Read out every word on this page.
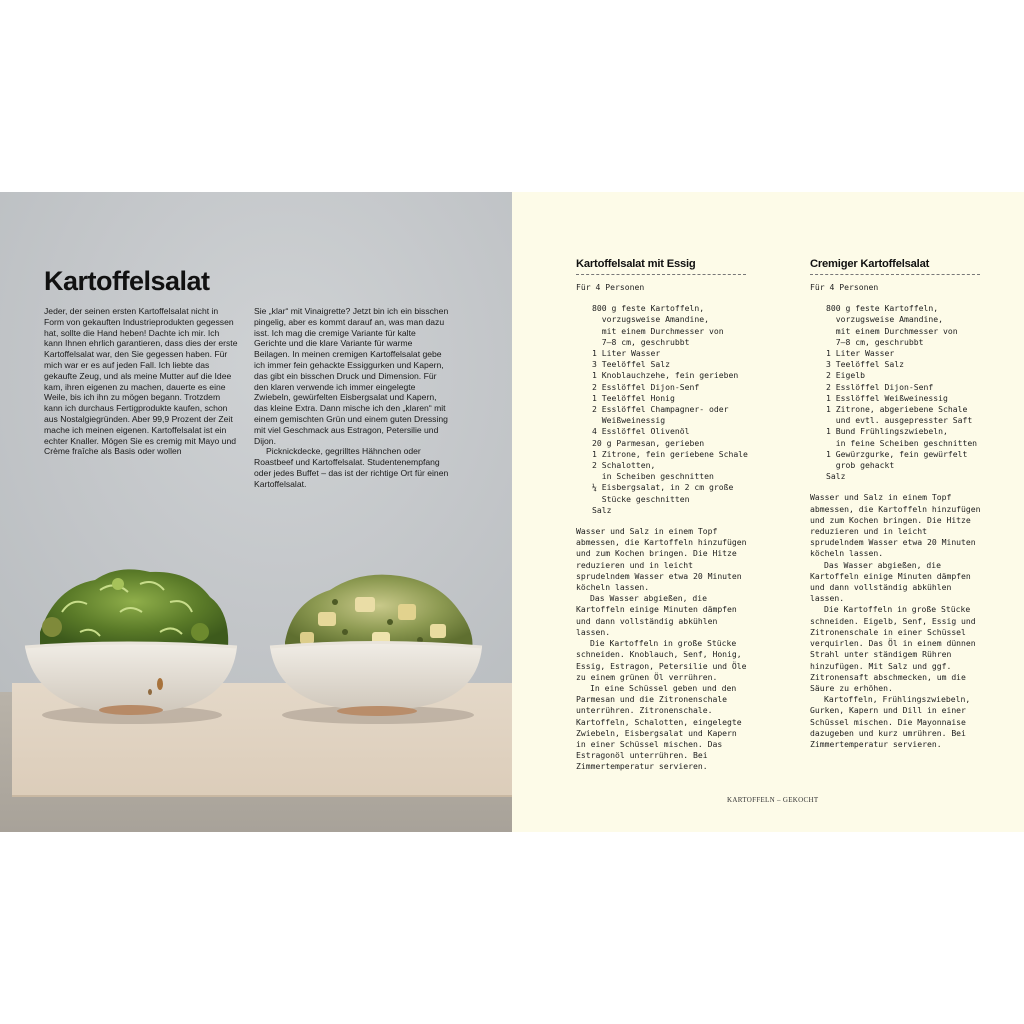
Kartoffelsalat

Jeder, der seinen ersten Kartoffelsalat nicht in Form von gekauften Industrieprodukten gegessen hat, sollte die Hand heben! Dachte ich mir. Ich kann Ihnen ehrlich garantieren, dass dies der erste Kartoffelsalat war, den Sie gegessen haben. Für mich war er es auf jeden Fall. Ich liebte das gekaufte Zeug, und als meine Mutter auf die Idee kam, ihren eigenen zu machen, dauerte es eine Weile, bis ich ihn zu mögen begann. Trotzdem kann ich durchaus Fertigprodukte kaufen, schon aus Nostalgiegründen. Aber 99,9 Prozent der Zeit mache ich meinen eigenen. Kartoffelsalat ist ein echter Knaller. Mögen Sie es cremig mit Mayo und Crème fraîche als Basis oder wollen

Sie „klar“ mit Vinaigrette? Jetzt bin ich ein bisschen pingelig, aber es kommt darauf an, was man dazu isst. Ich mag die cremige Variante für kalte Gerichte und die klare Variante für warme Beilagen. In meinen cremigen Kartoffelsalat gebe ich immer fein gehackte Essiggurken und Kapern, das gibt ein bisschen Druck und Dimension. Für den klaren verwende ich immer eingelegte Zwiebeln, gewürfelten Eisbergsalat und Kapern, das kleine Extra. Dann mische ich den „klaren“ mit einem gemischten Grün und einem guten Dressing mit viel Geschmack aus Estragon, Petersilie und Dijon.

Picknickdecke, gegrilltes Hähnchen oder Roastbeef und Kartoffelsalat. Studentenempfang oder jedes Buffet – das ist der richtige Ort für einen Kartoffelsalat.

Kartoffelsalat mit Essig
Für 4 Personen
800 g feste Kartoffeln,
vorzugsweise Amandine,
mit einem Durchmesser von
7–8 cm, geschrubbt
1 Liter Wasser
3 Teelöffel Salz
1 Knoblauchzehe, fein gerieben
2 Esslöffel Dijon-Senf
1 Teelöffel Honig
2 Esslöffel Champagner- oder
Weißweinessig
4 Esslöffel Olivenöl
20 g Parmesan, gerieben
1 Zitrone, fein geriebene Schale
2 Schalotten,
in Scheiben geschnitten
¼ Eisbergsalat, in 2 cm große
Stücke geschnitten
Salz

Wasser und Salz in einem Topf abmessen, die Kartoffeln hinzufügen und zum Kochen bringen. Die Hitze reduzieren und in leicht sprudelndem Wasser etwa 20 Minuten köcheln lassen.

Das Wasser abgießen, die Kartoffeln einige Minuten dämpfen und dann vollständig abkühlen lassen.

Die Kartoffeln in große Stücke schneiden. Knoblauch, Senf, Honig, Essig, Estragon, Petersilie und Öle zu einem grünen Öl verrühren.

In eine Schüssel geben und den Parmesan und die Zitronenschale unterrühren. Zitronenschale. Kartoffeln, Schalotten, eingelegte Zwiebeln, Eisbergsalat und Kapern in einer Schüssel mischen. Das Estragonöl unterrühren. Bei Zimmertemperatur servieren.

Cremiger Kartoffelsalat
Für 4 Personen
800 g feste Kartoffeln,
vorzugsweise Amandine,
mit einem Durchmesser von
7–8 cm, geschrubbt
1 Liter Wasser
3 Teelöffel Salz
2 Eigelb
2 Esslöffel Dijon-Senf
1 Esslöffel Weißweinessig
1 Zitrone, abgeriebene Schale
und evtl. ausgepresster Saft
1 Bund Frühlingszwiebeln,
in feine Scheiben geschnitten
1 Gewürzgurke, fein gewürfelt
grob gehackt
Salz

Wasser und Salz in einem Topf abmessen, die Kartoffeln hinzufügen und zum Kochen bringen. Die Hitze reduzieren und in leicht sprudelndem Wasser etwa 20 Minuten köcheln lassen.

Das Wasser abgießen, die Kartoffeln einige Minuten dämpfen und dann vollständig abkühlen lassen.

Die Kartoffeln in große Stücke schneiden. Eigelb, Senf, Essig und Zitronenschale in einer Schüssel verquirlen. Das Öl in einem dünnen Strahl unter ständigem Rühren hinzufügen. Mit Salz und ggf. Zitronensaft abschmecken, um die Säure zu erhöhen.

Kartoffeln, Frühlingszwiebeln, Gurken, Kapern und Dill in einer Schüssel mischen. Die Mayonnaise dazugeben und kurz umrühren. Bei Zimmertemperatur servieren.

KARTOFFELN – GEKOCHT
